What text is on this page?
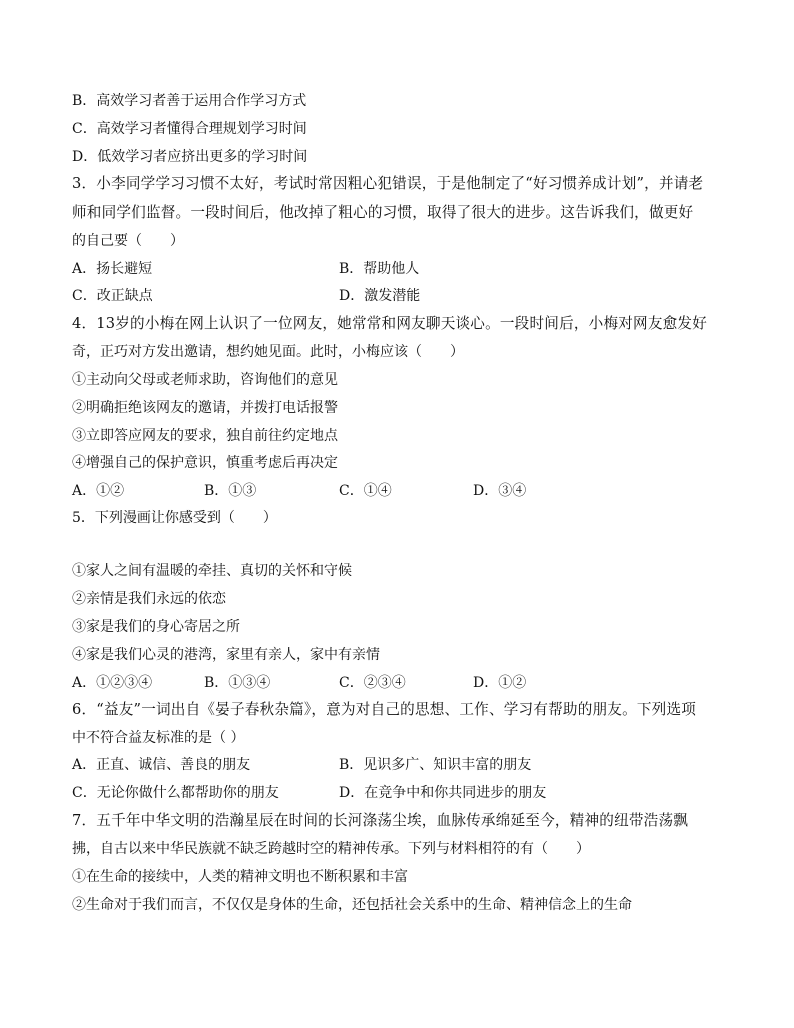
B．高效学习者善于运用合作学习方式
C．高效学习者懂得合理规划学习时间
D．低效学习者应挤出更多的学习时间
3．小李同学学习习惯不太好，考试时常因粗心犯错误，于是他制定了“好习惯养成计划”，并请老
师和同学们监督。一段时间后，他改掉了粗心的习惯，取得了很大的进步。这告诉我们，做更好
的自己要（　　）
A．扬长避短	B．帮助他人
C．改正缺点	D．激发潜能
4．13岁的小梅在网上认识了一位网友，她常常和网友聊天谈心。一段时间后，小梅对网友愈发好
奇，正巧对方发出邀请，想约她见面。此时，小梅应该（　　）
①主动向父母或老师求助，咨询他们的意见
②明确拒绝该网友的邀请，并拨打电话报警
③立即答应网友的要求，独自前往约定地点
④增强自己的保护意识，慎重考虑后再决定
A．①②	B．①③	C．①④	D．③④
5．下列漫画让你感受到（　　）
①家人之间有温暖的牵挂、真切的关怀和守候
②亲情是我们永远的依恋
③家是我们的身心寄居之所
④家是我们心灵的港湾，家里有亲人，家中有亲情
A．①②③④	B．①③④	C．②③④	D．①②
6．“益友”一词出自《晏子春秋杂篇》，意为对自己的思想、工作、学习有帮助的朋友。下列选项
中不符合益友标准的是（ ）
A．正直、诚信、善良的朋友	B．见识多广、知识丰富的朋友
C．无论你做什么都帮助你的朋友	D．在竞争中和你共同进步的朋友
7．五千年中华文明的浩瀚星辰在时间的长河涤荡尘埃，血脉传承绵延至今，精神的纽带浩荡飘
拂，自古以来中华民族就不缺乏跨越时空的精神传承。下列与材料相符的有（　　）
①在生命的接续中，人类的精神文明也不断积累和丰富
②生命对于我们而言，不仅仅是身体的生命，还包括社会关系中的生命、精神信念上的生命
